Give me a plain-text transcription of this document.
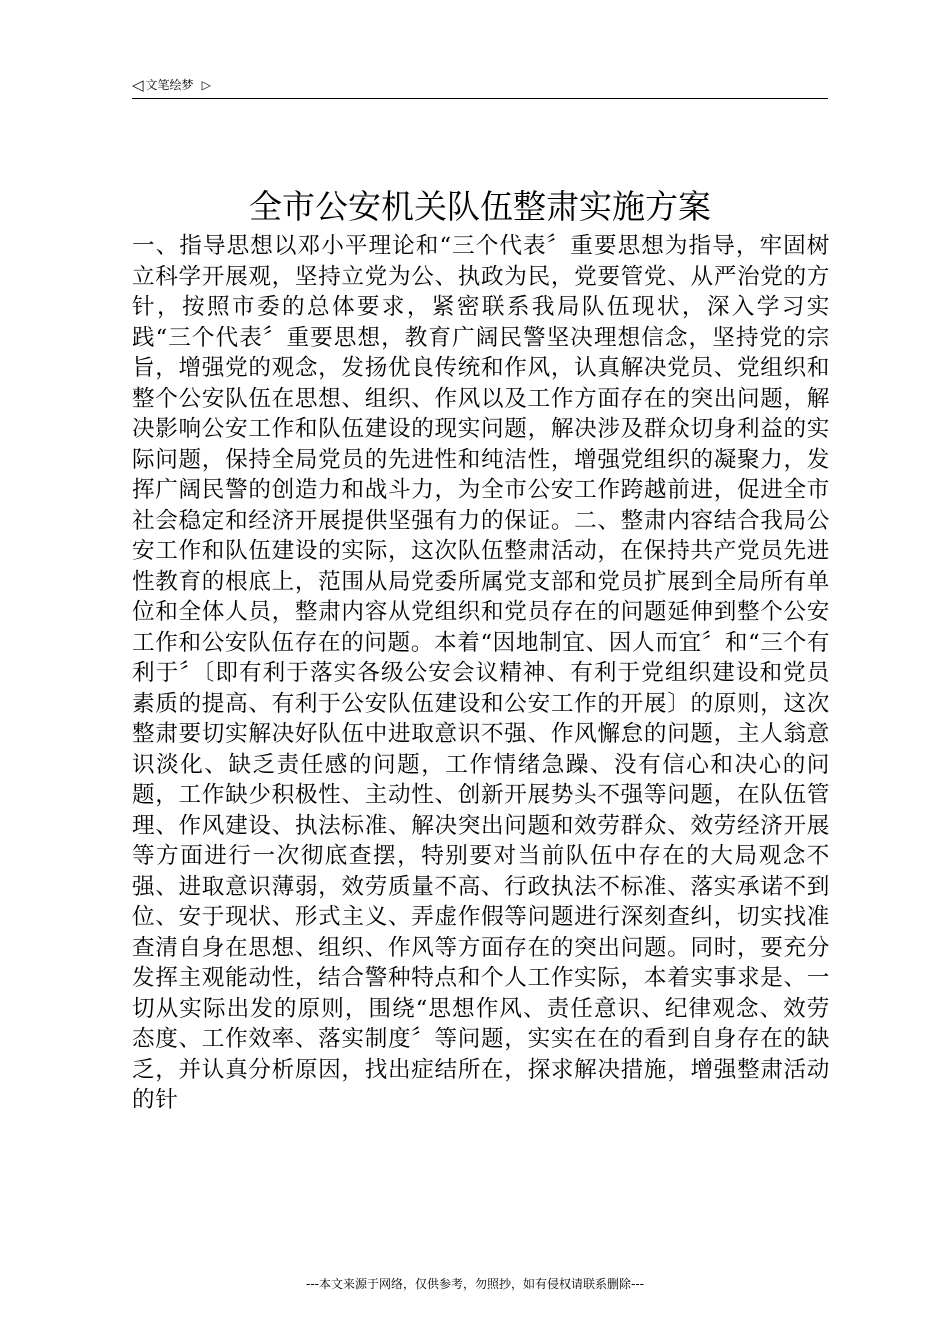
◁ 文笔绘梦 ▷
全市公安机关队伍整肃实施方案

一、指导思想以邓小平理论和“三个代表〞重要思想为指导，牢固树立科学开展观，坚持立党为公、执政为民，党要管党、从严治党的方针，按照市委的总体要求，紧密联系我局队伍现状，深入学习实践“三个代表〞重要思想，教育广阔民警坚决理想信念，坚持党的宗旨，增强党的观念，发扬优良传统和作风，认真解决党员、党组织和整个公安队伍在思想、组织、作风以及工作方面存在的突出问题，解决影响公安工作和队伍建设的现实问题，解决涉及群众切身利益的实际问题，保持全局党员的先进性和纯洁性，增强党组织的凝聚力，发挥广阔民警的创造力和战斗力，为全市公安工作跨越前进，促进全市社会稳定和经济开展提供坚强有力的保证。二、整肃内容结合我局公安工作和队伍建设的实际，这次队伍整肃活动，在保持共产党员先进性教育的根底上，范围从局党委所属党支部和党员扩展到全局所有单位和全体人员，整肃内容从党组织和党员存在的问题延伸到整个公安工作和公安队伍存在的问题。本着“因地制宜、因人而宜〞和“三个有利于〞〔即有利于落实各级公安会议精神、有利于党组织建设和党员素质的提高、有利于公安队伍建设和公安工作的开展〕的原则，这次整肃要切实解决好队伍中进取意识不强、作风懈怠的问题，主人翁意识淡化、缺乏责任感的问题，工作情绪急躁、没有信心和决心的问题，工作缺少积极性、主动性、创新开展势头不强等问题，在队伍管理、作风建设、执法标准、解决突出问题和效劳群众、效劳经济开展等方面进行一次彻底查摆，特别要对当前队伍中存在的大局观念不强、进取意识薄弱，效劳质量不高、行政执法不标准、落实承诺不到位、安于现状、形式主义、弄虚作假等问题进行深刻查纠，切实找准查清自身在思想、组织、作风等方面存在的突出问题。同时，要充分发挥主观能动性，结合警种特点和个人工作实际，本着实事求是、一切从实际出发的原则，围绕“思想作风、责任意识、纪律观念、效劳态度、工作效率、落实制度〞等问题，实实在在的看到自身存在的缺乏，并认真分析原因，找出症结所在，探求解决措施，增强整肃活动的针

---本文来源于网络，仅供参考，勿照抄，如有侵权请联系删除---
